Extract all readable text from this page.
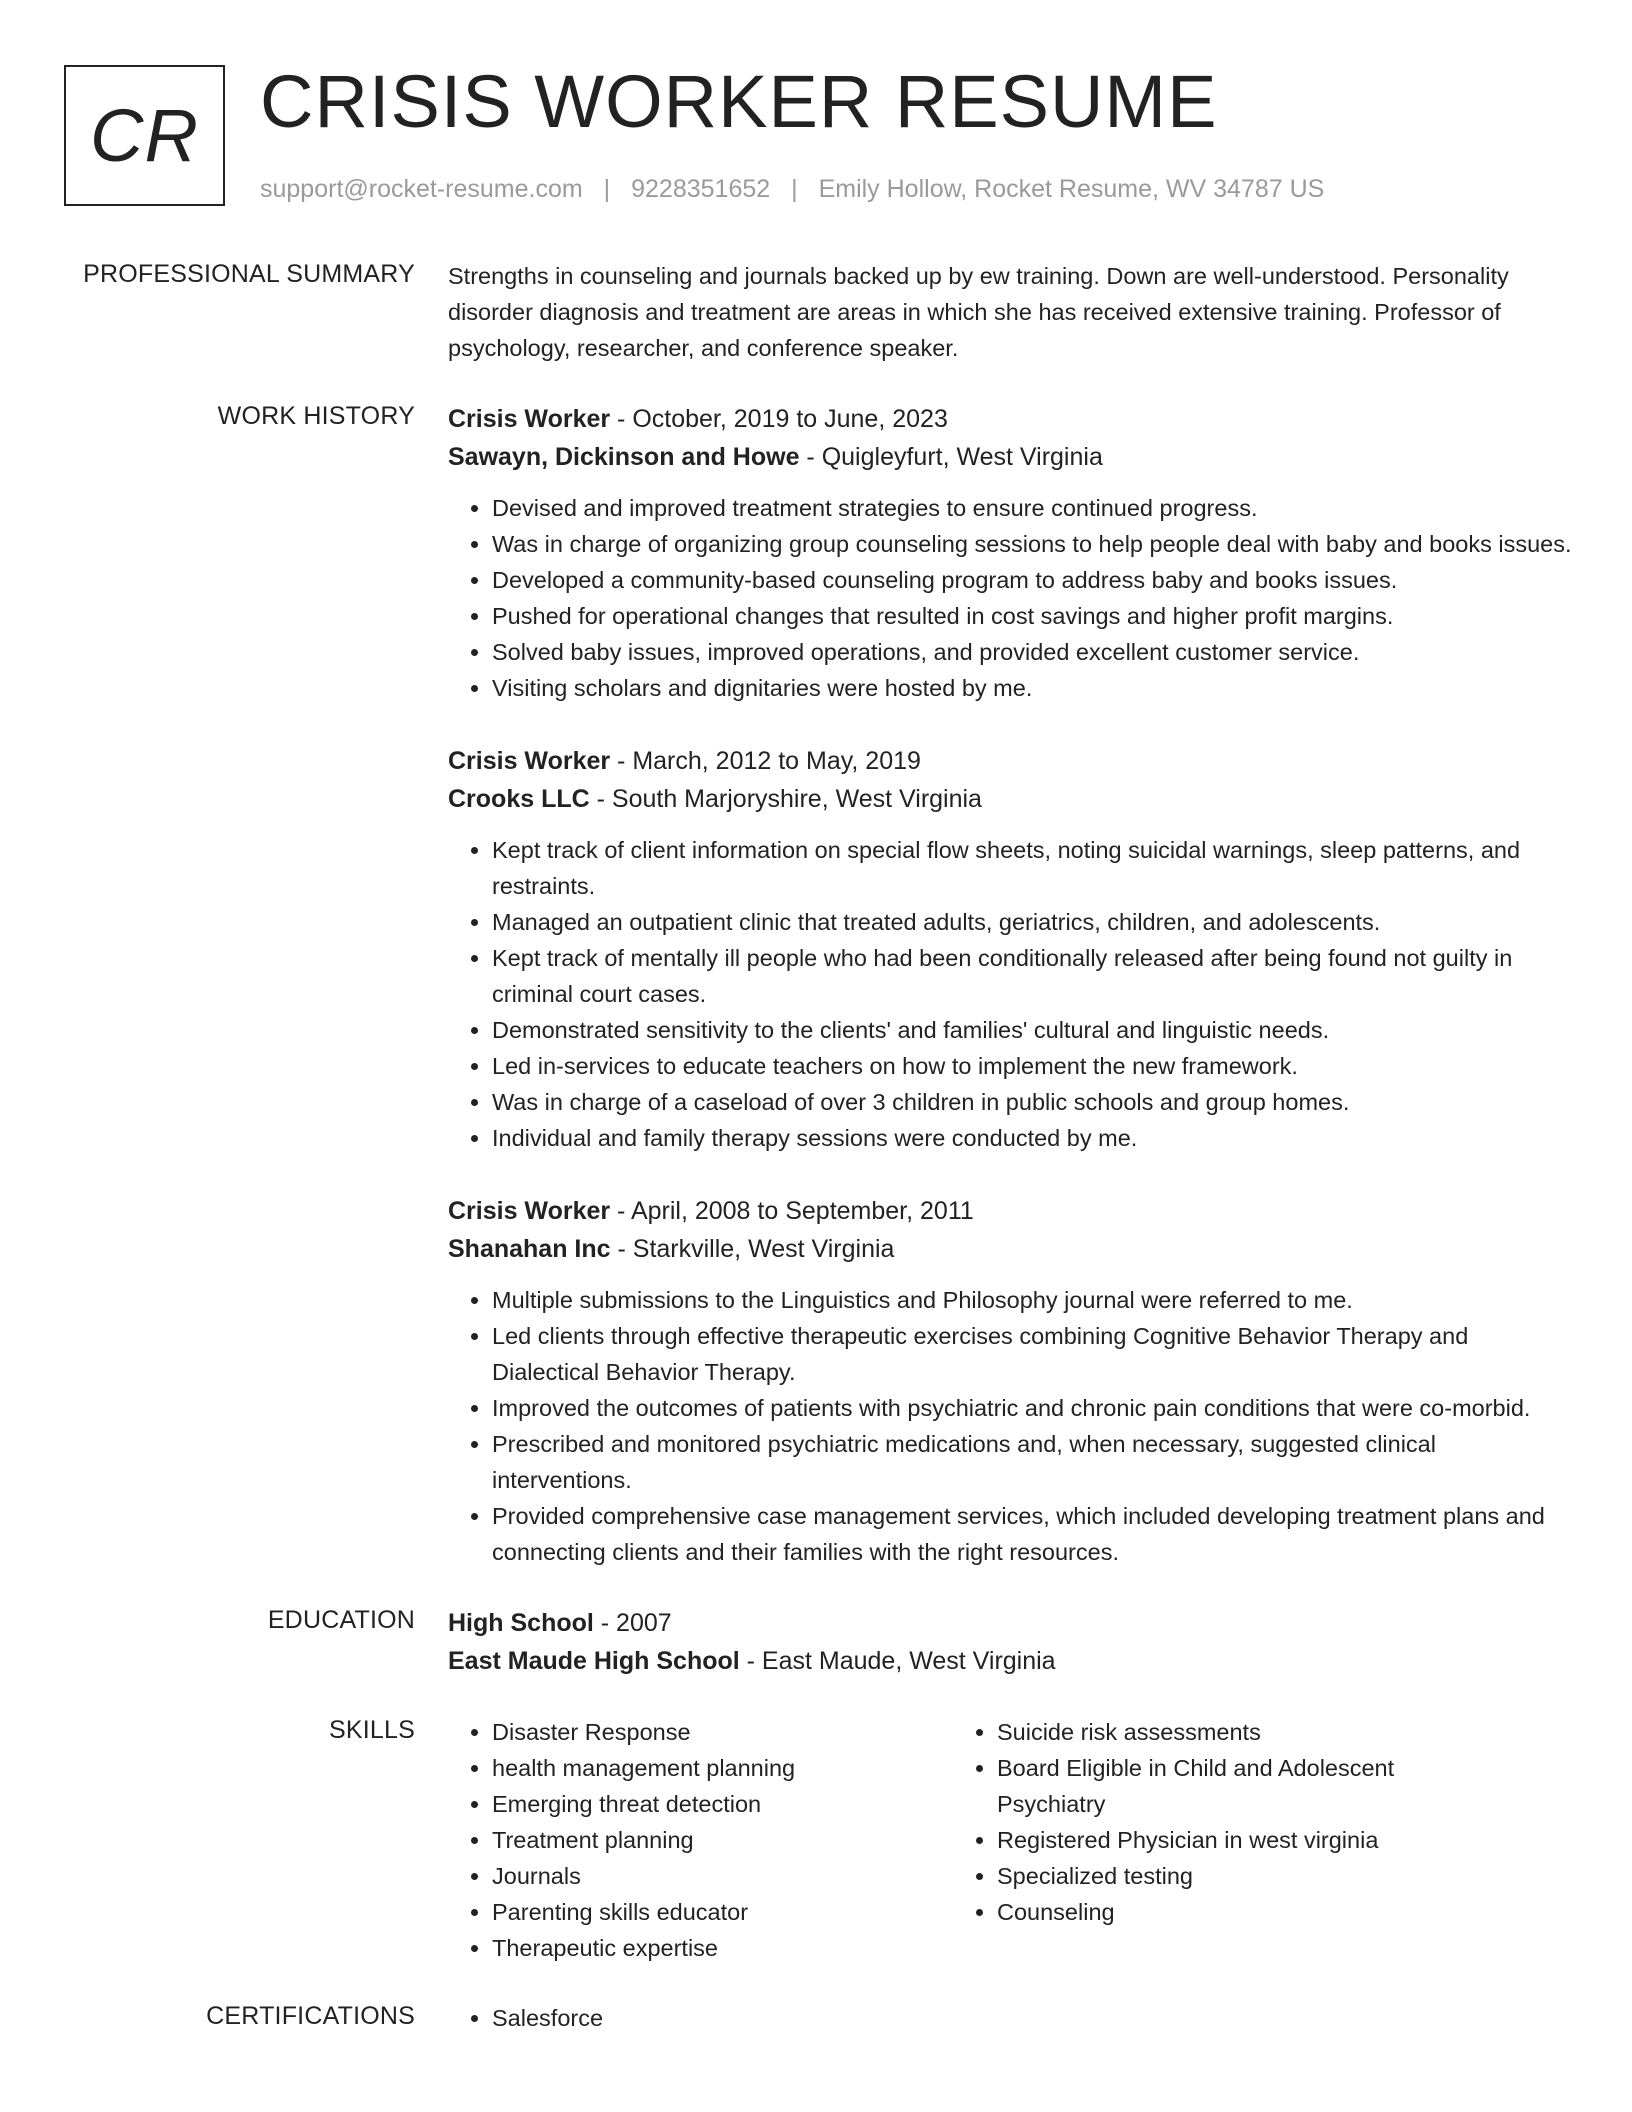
CR CRISIS WORKER RESUME
support@rocket-resume.com | 9228351652 | Emily Hollow, Rocket Resume, WV 34787 US
PROFESSIONAL SUMMARY Strengths in counseling and journals backed up by ew training. Down are well-understood. Personality disorder diagnosis and treatment are areas in which she has received extensive training. Professor of psychology, researcher, and conference speaker.

WORK HISTORY Crisis Worker - October, 2019 to June, 2023
Sawayn, Dickinson and Howe - Quigleyfurt, West Virginia
• Devised and improved treatment strategies to ensure continued progress.
• Was in charge of organizing group counseling sessions to help people deal with baby and books issues.
• Developed a community-based counseling program to address baby and books issues.
• Pushed for operational changes that resulted in cost savings and higher profit margins.
• Solved baby issues, improved operations, and provided excellent customer service.
• Visiting scholars and dignitaries were hosted by me.
Crisis Worker - March, 2012 to May, 2019
Crooks LLC - South Marjoryshire, West Virginia
• Kept track of client information on special flow sheets, noting suicidal warnings, sleep patterns, and restraints.
• Managed an outpatient clinic that treated adults, geriatrics, children, and adolescents.
• Kept track of mentally ill people who had been conditionally released after being found not guilty in criminal court cases.
• Demonstrated sensitivity to the clients' and families' cultural and linguistic needs.
• Led in-services to educate teachers on how to implement the new framework.
• Was in charge of a caseload of over 3 children in public schools and group homes.
• Individual and family therapy sessions were conducted by me.
Crisis Worker - April, 2008 to September, 2011
Shanahan Inc - Starkville, West Virginia
• Multiple submissions to the Linguistics and Philosophy journal were referred to me.
• Led clients through effective therapeutic exercises combining Cognitive Behavior Therapy and Dialectical Behavior Therapy.
• Improved the outcomes of patients with psychiatric and chronic pain conditions that were co-morbid.
• Prescribed and monitored psychiatric medications and, when necessary, suggested clinical interventions.
• Provided comprehensive case management services, which included developing treatment plans and connecting clients and their families with the right resources.
EDUCATION High School - 2007
East Maude High School - East Maude, West Virginia
SKILLS	• Disaster Response
• health management planning
• Emerging threat detection
• Treatment planning
• Journals
• Parenting skills educator
• Therapeutic expertise
• Suicide risk assessments
• Board Eligible in Child and Adolescent Psychiatry
• Registered Physician in west virginia
• Specialized testing
• Counseling
CERTIFICATIONS	• Salesforce
